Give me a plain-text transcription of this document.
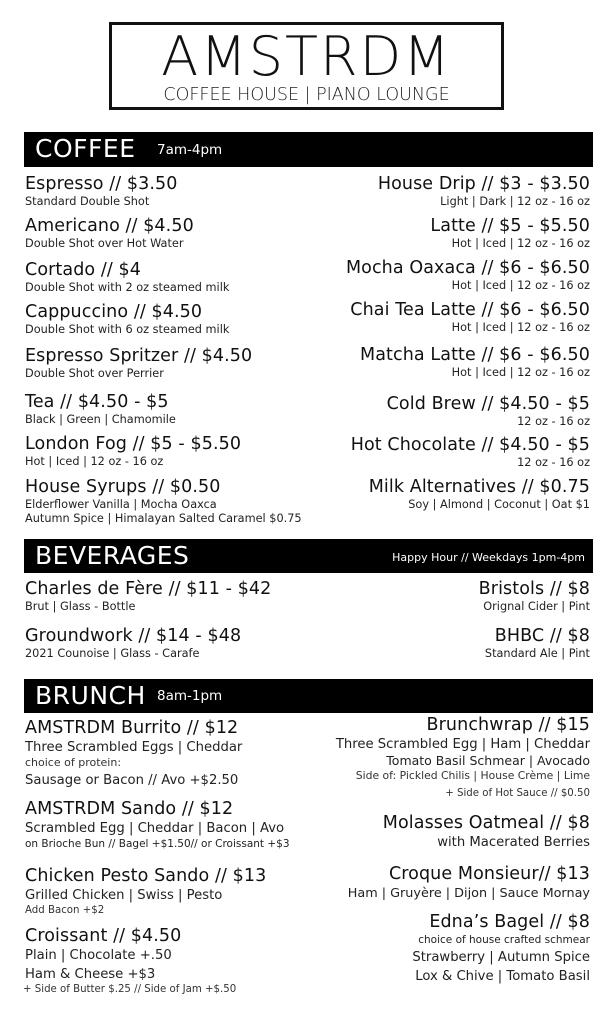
AMSTRDM
COFFEE HOUSE | PIANO LOUNGE
COFFEE 7am-4pm
Espresso // $3.50
Standard Double Shot
Americano // $4.50
Double Shot over Hot Water
Cortado // $4
Double Shot with 2 oz steamed milk
Cappuccino // $4.50
Double Shot with 6 oz steamed milk
Espresso Spritzer // $4.50
Double Shot over Perrier
Tea // $4.50 - $5
Black | Green | Chamomile
London Fog // $5 - $5.50
Hot | Iced | 12 oz - 16 oz
House Syrups // $0.50
Elderflower Vanilla | Mocha Oaxca
Autumn Spice | Himalayan Salted Caramel $0.75
House Drip // $3 - $3.50
Light | Dark | 12 oz - 16 oz
Latte // $5 - $5.50
Hot | Iced | 12 oz - 16 oz
Mocha Oaxaca // $6 - $6.50
Hot | Iced | 12 oz - 16 oz
Chai Tea Latte // $6 - $6.50
Hot | Iced | 12 oz - 16 oz
Matcha Latte // $6 - $6.50
Hot | Iced | 12 oz - 16 oz
Cold Brew // $4.50 - $5
12 oz - 16 oz
Hot Chocolate // $4.50 - $5
12 oz - 16 oz
Milk Alternatives // $0.75
Soy | Almond | Coconut | Oat $1
BEVERAGES	Happy Hour // Weekdays 1pm-4pm
Charles de Fère // $11 - $42
Brut | Glass - Bottle
Groundwork // $14 - $48
2021 Counoise | Glass - Carafe
Bristols // $8
Orignal Cider | Pint
BHBC // $8
Standard Ale | Pint
BRUNCH 8am-1pm
AMSTRDM Burrito // $12
Three Scrambled Eggs | Cheddar
choice of protein:
Sausage or Bacon // Avo +$2.50
AMSTRDM Sando // $12
Scrambled Egg | Cheddar | Bacon | Avo
on Brioche Bun // Bagel +$1.50// or Croissant +$3
Chicken Pesto Sando // $13
Grilled Chicken | Swiss | Pesto
Add Bacon +$2
Croissant // $4.50
Plain | Chocolate +.50
Ham & Cheese +$3
+ Side of Butter $.25 // Side of Jam +$.50
Brunchwrap // $15
Three Scrambled Egg | Ham | Cheddar
Tomato Basil Schmear | Avocado
Side of: Pickled Chilis | House Crème | Lime
+ Side of Hot Sauce // $0.50
Molasses Oatmeal // $8
with Macerated Berries
Croque Monsieur// $13
Ham | Gruyère | Dijon | Sauce Mornay
Edna’s Bagel // $8
choice of house crafted schmear
Strawberry | Autumn Spice
Lox & Chive | Tomato Basil
